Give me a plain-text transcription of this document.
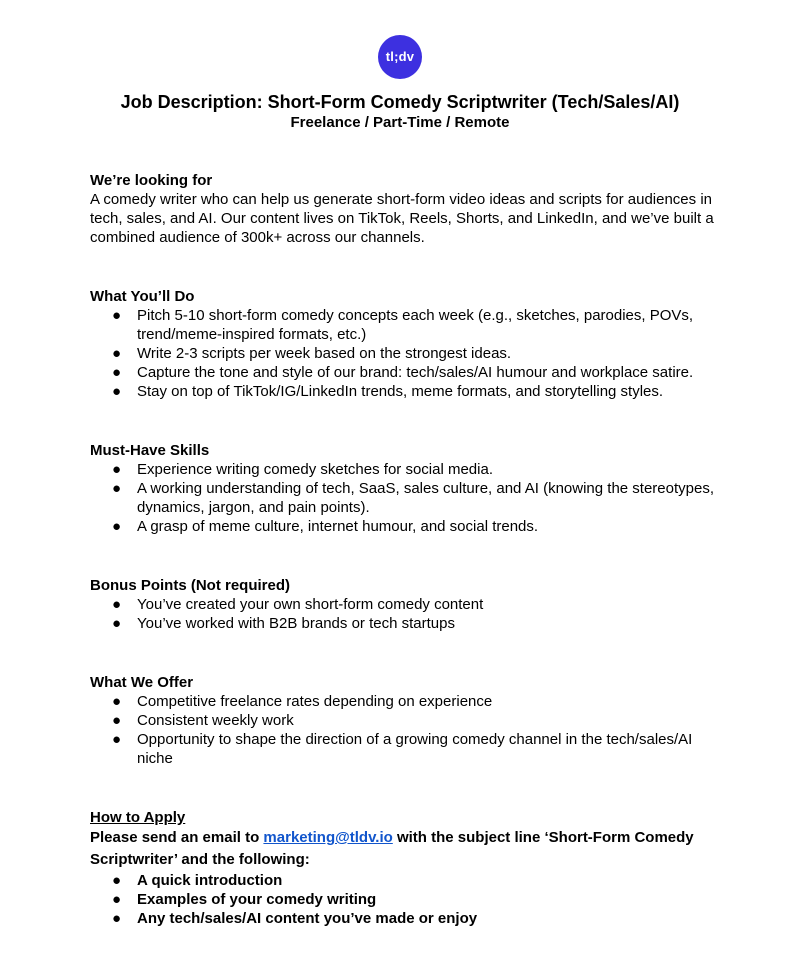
tl;dv
Job Description: Short-Form Comedy Scriptwriter (Tech/Sales/AI)

Freelance / Part-Time / Remote

We’re looking for

A comedy writer who can help us generate short-form video ideas and scripts for audiences in tech, sales, and AI. Our content lives on TikTok, Reels, Shorts, and LinkedIn, and we’ve built a combined audience of 300k+ across our channels.

What You’ll Do

● Pitch 5-10 short-form comedy concepts each week (e.g., sketches, parodies, POVs, trend/meme-inspired formats, etc.)
● Write 2-3 scripts per week based on the strongest ideas.
● Capture the tone and style of our brand: tech/sales/AI humour and workplace satire.
● Stay on top of TikTok/IG/LinkedIn trends, meme formats, and storytelling styles.

Must-Have Skills

● Experience writing comedy sketches for social media.
● A working understanding of tech, SaaS, sales culture, and AI (knowing the stereotypes, dynamics, jargon, and pain points).
● A grasp of meme culture, internet humour, and social trends.

Bonus Points (Not required)

● You’ve created your own short-form comedy content
● You’ve worked with B2B brands or tech startups

What We Offer

● Competitive freelance rates depending on experience
● Consistent weekly work
● Opportunity to shape the direction of a growing comedy channel in the tech/sales/AI niche

How to Apply

Please send an email to marketing@tldv.io with the subject line ‘Short-Form Comedy Scriptwriter’ and the following:

● A quick introduction
● Examples of your comedy writing
● Any tech/sales/AI content you’ve made or enjoy
